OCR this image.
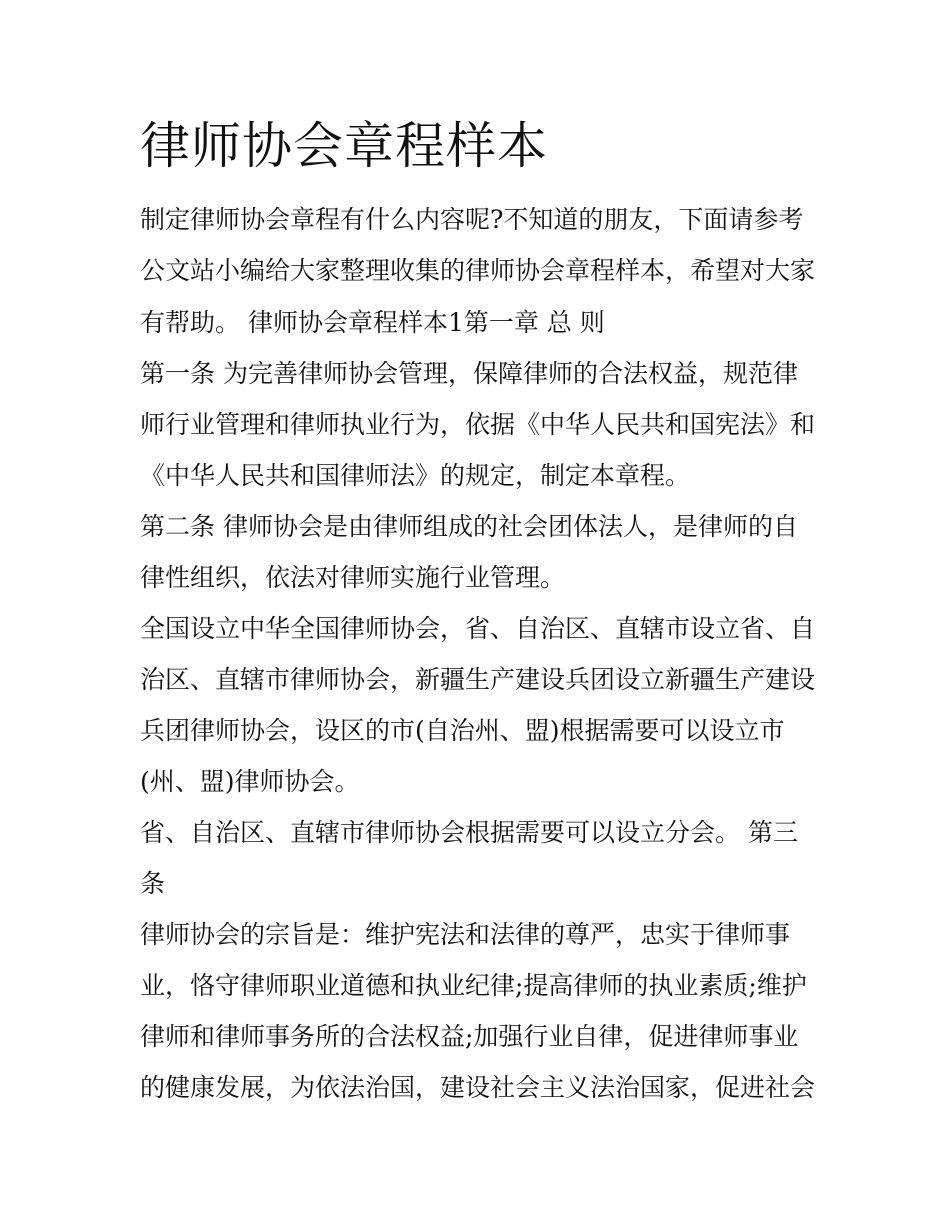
律师协会章程样本

制定律师协会章程有什么内容呢?不知道的朋友，下面请参考

公文站小编给大家整理收集的律师协会章程样本，希望对大家

有帮助。 律师协会章程样本1第一章 总 则

第一条 为完善律师协会管理，保障律师的合法权益，规范律

师行业管理和律师执业行为，依据《中华人民共和国宪法》和

《中华人民共和国律师法》的规定，制定本章程。

第二条 律师协会是由律师组成的社会团体法人，是律师的自

律性组织，依法对律师实施行业管理。

全国设立中华全国律师协会，省、自治区、直辖市设立省、自

治区、直辖市律师协会，新疆生产建设兵团设立新疆生产建设

兵团律师协会，设区的市(自治州、盟)根据需要可以设立市

(州、盟)律师协会。

省、自治区、直辖市律师协会根据需要可以设立分会。 第三

条

律师协会的宗旨是：维护宪法和法律的尊严，忠实于律师事

业，恪守律师职业道德和执业纪律;提高律师的执业素质;维护

律师和律师事务所的合法权益;加强行业自律，促进律师事业

的健康发展，为依法治国，建设社会主义法治国家，促进社会
